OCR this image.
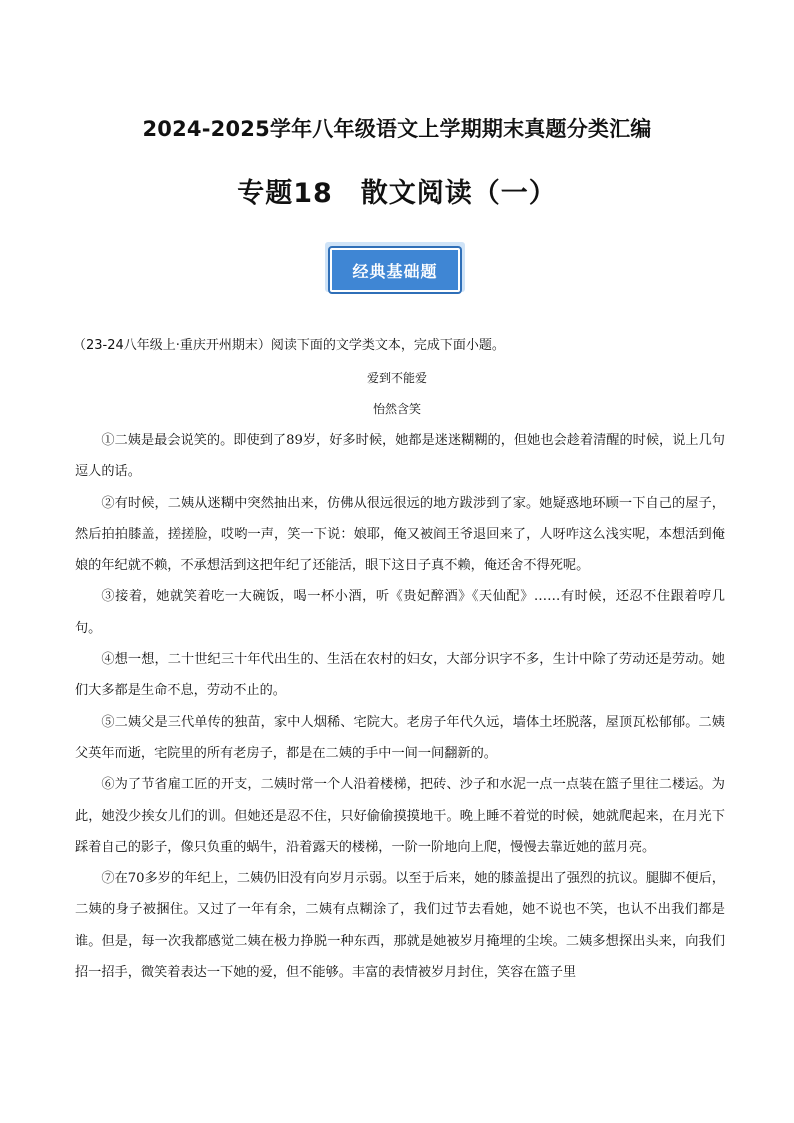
2024-2025学年八年级语文上学期期末真题分类汇编
专题18　散文阅读（一）
经典基础题
（23-24八年级上·重庆开州期末）阅读下面的文学类文本，完成下面小题。
爱到不能爱
怡然含笑

①二姨是最会说笑的。即使到了89岁，好多时候，她都是迷迷糊糊的，但她也会趁着清醒的时候，说上几句逗人的话。

②有时候，二姨从迷糊中突然抽出来，仿佛从很远很远的地方跋涉到了家。她疑惑地环顾一下自己的屋子，然后拍拍膝盖，搓搓脸，哎哟一声，笑一下说：娘耶，俺又被阎王爷退回来了，人呀咋这么浅实呢，本想活到俺娘的年纪就不赖，不承想活到这把年纪了还能活，眼下这日子真不赖，俺还舍不得死呢。

③接着，她就笑着吃一大碗饭，喝一杯小酒，听《贵妃醉酒》《天仙配》……有时候，还忍不住跟着哼几句。

④想一想，二十世纪三十年代出生的、生活在农村的妇女，大部分识字不多，生计中除了劳动还是劳动。她们大多都是生命不息，劳动不止的。

⑤二姨父是三代单传的独苗，家中人烟稀、宅院大。老房子年代久远，墙体土坯脱落，屋顶瓦松郁郁。二姨父英年而逝，宅院里的所有老房子，都是在二姨的手中一间一间翻新的。

⑥为了节省雇工匠的开支，二姨时常一个人沿着楼梯，把砖、沙子和水泥一点一点装在篮子里往二楼运。为此，她没少挨女儿们的训。但她还是忍不住，只好偷偷摸摸地干。晚上睡不着觉的时候，她就爬起来，在月光下踩着自己的影子，像只负重的蜗牛，沿着露天的楼梯，一阶一阶地向上爬，慢慢去靠近她的蓝月亮。

⑦在70多岁的年纪上，二姨仍旧没有向岁月示弱。以至于后来，她的膝盖提出了强烈的抗议。腿脚不便后，二姨的身子被捆住。又过了一年有余，二姨有点糊涂了，我们过节去看她，她不说也不笑，也认不出我们都是谁。但是，每一次我都感觉二姨在极力挣脱一种东西，那就是她被岁月掩埋的尘埃。二姨多想探出头来，向我们招一招手，微笑着表达一下她的爱，但不能够。丰富的表情被岁月封住，笑容在篮子里
